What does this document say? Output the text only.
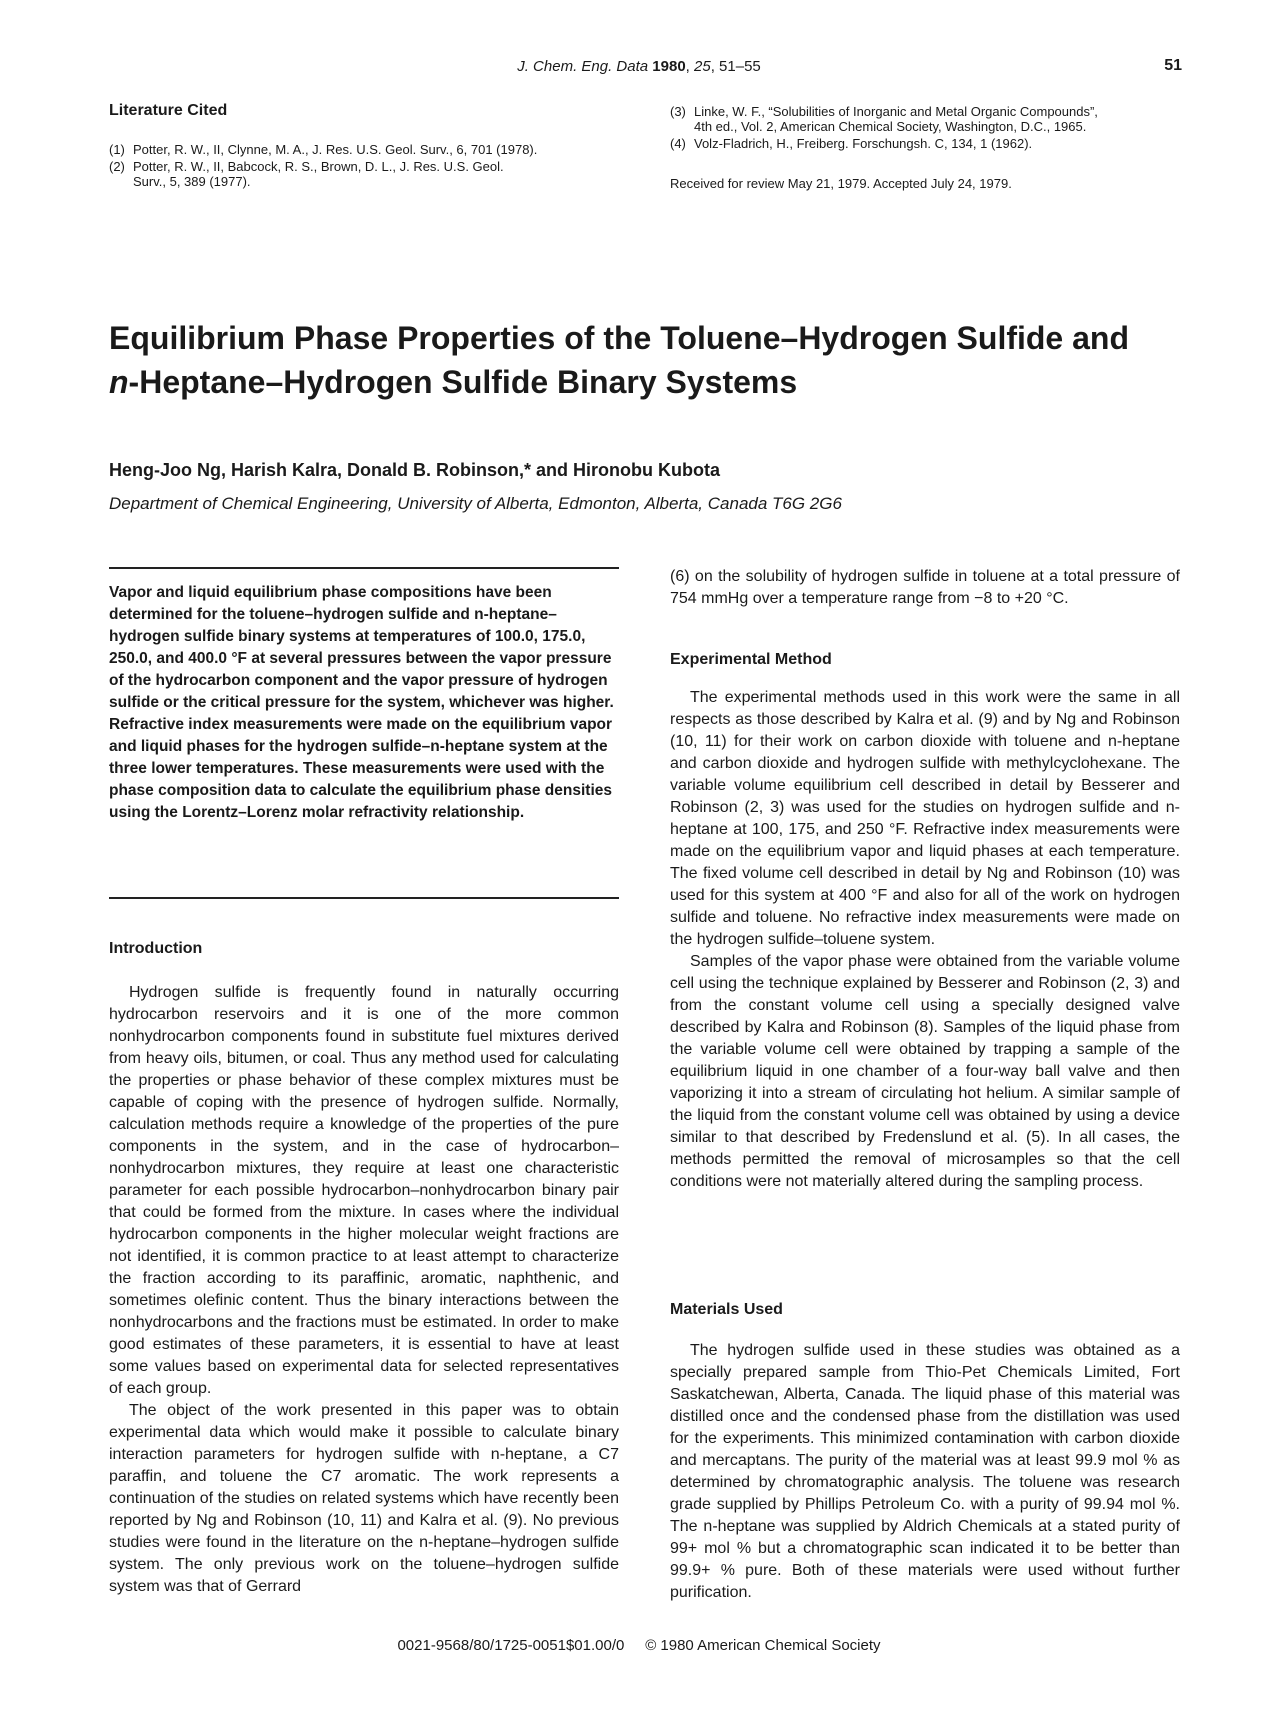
J. Chem. Eng. Data 1980, 25, 51–55	51
Literature Cited
(1) Potter, R. W., II, Clynne, M. A., J. Res. U.S. Geol. Surv., 6, 701 (1978).
(2) Potter, R. W., II, Babcock, R. S., Brown, D. L., J. Res. U.S. Geol.
Surv., 5, 389 (1977).
(3) Linke, W. F., “Solubilities of Inorganic and Metal Organic Compounds”,
4th ed., Vol. 2, American Chemical Society, Washington, D.C., 1965.
(4) Volz-Fladrich, H., Freiberg. Forschungsh. C, 134, 1 (1962).
Received for review May 21, 1979. Accepted July 24, 1979.
Equilibrium Phase Properties of the Toluene–Hydrogen Sulfide and
n-Heptane–Hydrogen Sulfide Binary Systems
Heng-Joo Ng, Harish Kalra, Donald B. Robinson,* and Hironobu Kubota
Department of Chemical Engineering, University of Alberta, Edmonton, Alberta, Canada T6G 2G6
Vapor and liquid equilibrium phase compositions have been determined for the toluene–hydrogen sulfide and n-heptane–hydrogen sulfide binary systems at temperatures of 100.0, 175.0, 250.0, and 400.0 °F at several pressures between the vapor pressure of the hydrocarbon component and the vapor pressure of hydrogen sulfide or the critical pressure for the system, whichever was higher. Refractive index measurements were made on the equilibrium vapor and liquid phases for the hydrogen sulfide–n-heptane system at the three lower temperatures. These measurements were used with the phase composition data to calculate the equilibrium phase densities using the Lorentz–Lorenz molar refractivity relationship.
Introduction

Hydrogen sulfide is frequently found in naturally occurring hydrocarbon reservoirs and it is one of the more common nonhydrocarbon components found in substitute fuel mixtures derived from heavy oils, bitumen, or coal. Thus any method used for calculating the properties or phase behavior of these complex mixtures must be capable of coping with the presence of hydrogen sulfide. Normally, calculation methods require a knowledge of the properties of the pure components in the system, and in the case of hydrocarbon–nonhydrocarbon mixtures, they require at least one characteristic parameter for each possible hydrocarbon–nonhydrocarbon binary pair that could be formed from the mixture. In cases where the individual hydrocarbon components in the higher molecular weight fractions are not identified, it is common practice to at least attempt to characterize the fraction according to its paraffinic, aromatic, naphthenic, and sometimes olefinic content. Thus the binary interactions between the nonhydrocarbons and the fractions must be estimated. In order to make good estimates of these parameters, it is essential to have at least some values based on experimental data for selected representatives of each group.

The object of the work presented in this paper was to obtain experimental data which would make it possible to calculate binary interaction parameters for hydrogen sulfide with n-heptane, a C7 paraffin, and toluene the C7 aromatic. The work represents a continuation of the studies on related systems which have recently been reported by Ng and Robinson (10, 11) and Kalra et al. (9). No previous studies were found in the literature on the n-heptane–hydrogen sulfide system. The only previous work on the toluene–hydrogen sulfide system was that of Gerrard

(6) on the solubility of hydrogen sulfide in toluene at a total pressure of 754 mmHg over a temperature range from −8 to +20 °C.

Experimental Method

The experimental methods used in this work were the same in all respects as those described by Kalra et al. (9) and by Ng and Robinson (10, 11) for their work on carbon dioxide with toluene and n-heptane and carbon dioxide and hydrogen sulfide with methylcyclohexane. The variable volume equilibrium cell described in detail by Besserer and Robinson (2, 3) was used for the studies on hydrogen sulfide and n-heptane at 100, 175, and 250 °F. Refractive index measurements were made on the equilibrium vapor and liquid phases at each temperature. The fixed volume cell described in detail by Ng and Robinson (10) was used for this system at 400 °F and also for all of the work on hydrogen sulfide and toluene. No refractive index measurements were made on the hydrogen sulfide–toluene system.

Samples of the vapor phase were obtained from the variable volume cell using the technique explained by Besserer and Robinson (2, 3) and from the constant volume cell using a specially designed valve described by Kalra and Robinson (8). Samples of the liquid phase from the variable volume cell were obtained by trapping a sample of the equilibrium liquid in one chamber of a four-way ball valve and then vaporizing it into a stream of circulating hot helium. A similar sample of the liquid from the constant volume cell was obtained by using a device similar to that described by Fredenslund et al. (5). In all cases, the methods permitted the removal of microsamples so that the cell conditions were not materially altered during the sampling process.

Materials Used

The hydrogen sulfide used in these studies was obtained as a specially prepared sample from Thio-Pet Chemicals Limited, Fort Saskatchewan, Alberta, Canada. The liquid phase of this material was distilled once and the condensed phase from the distillation was used for the experiments. This minimized contamination with carbon dioxide and mercaptans. The purity of the material was at least 99.9 mol % as determined by chromatographic analysis. The toluene was research grade supplied by Phillips Petroleum Co. with a purity of 99.94 mol %. The n-heptane was supplied by Aldrich Chemicals at a stated purity of 99+ mol % but a chromatographic scan indicated it to be better than 99.9+ % pure. Both of these materials were used without further purification.

0021-9568/80/1725-0051$01.00/0 © 1980 American Chemical Society
